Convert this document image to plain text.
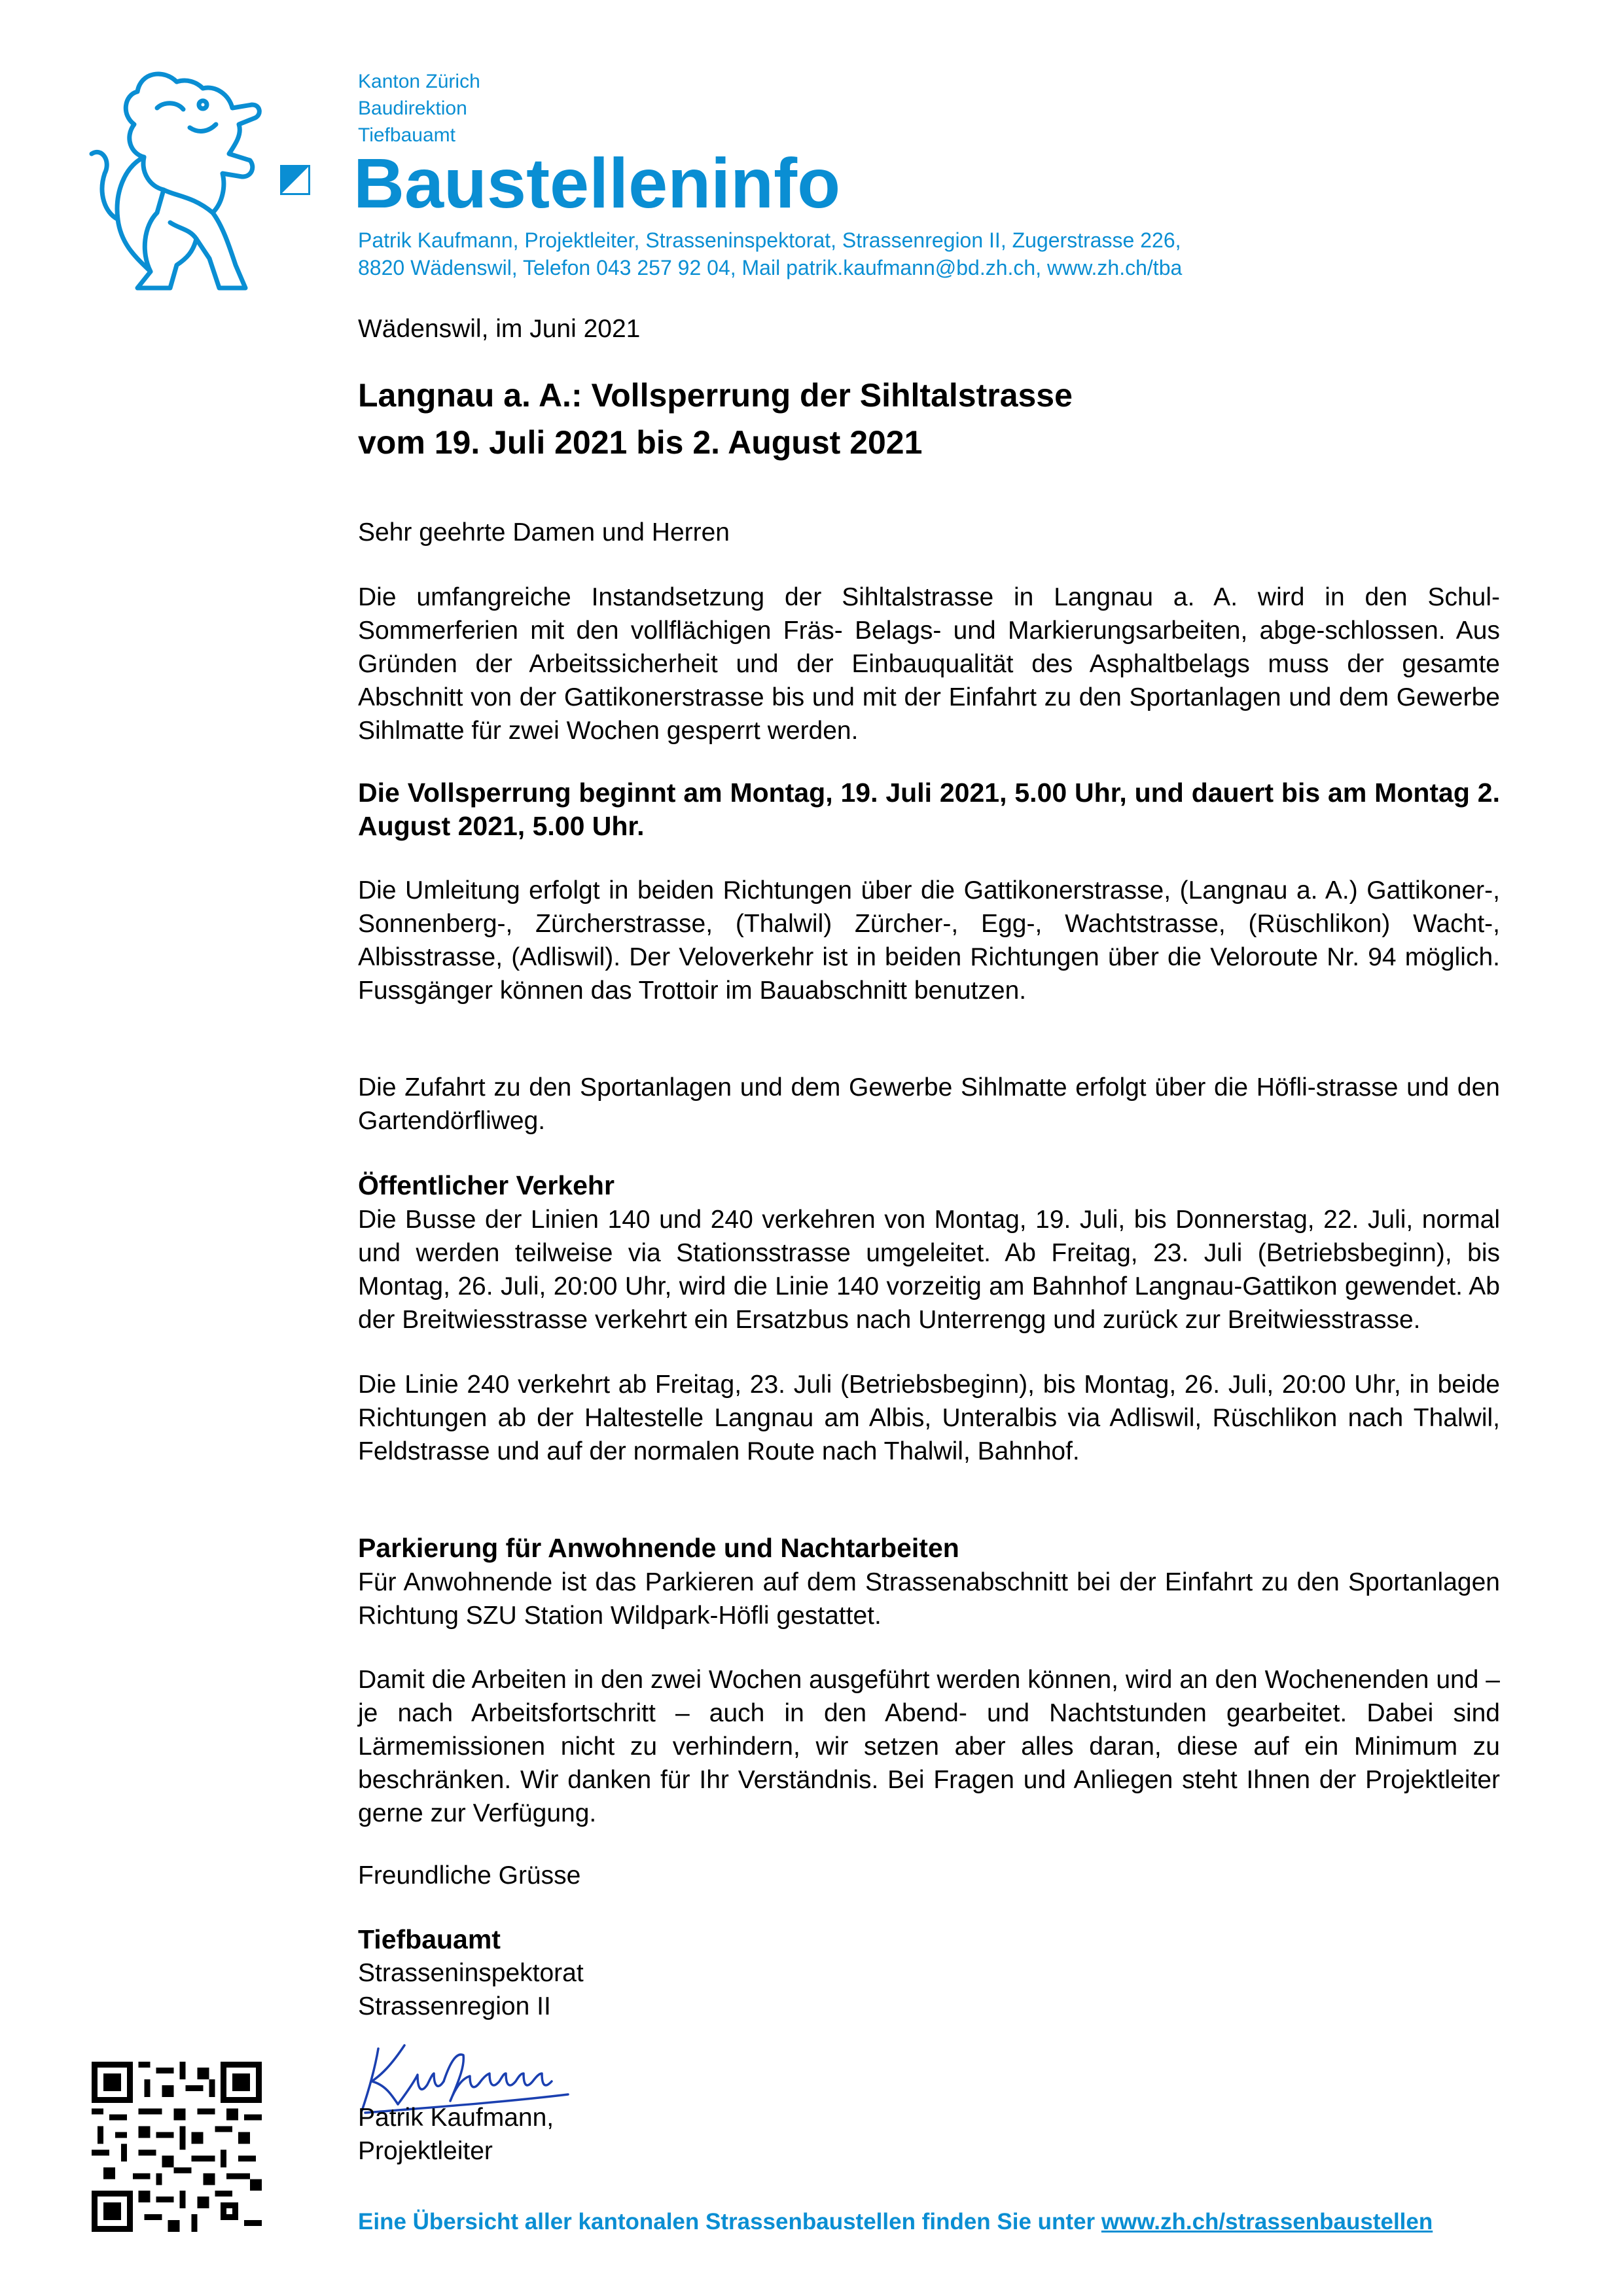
Kanton Zürich
Baudirektion
Tiefbauamt
Baustelleninfo
Patrik Kaufmann, Projektleiter, Strasseninspektorat, Strassenregion II, Zugerstrasse 226,
8820 Wädenswil, Telefon 043 257 92 04, Mail patrik.kaufmann@bd.zh.ch, www.zh.ch/tba
Wädenswil, im Juni 2021
Langnau a. A.: Vollsperrung der Sihltalstrasse
vom 19. Juli 2021 bis 2. August 2021
Sehr geehrte Damen und Herren
Die umfangreiche Instandsetzung der Sihltalstrasse in Langnau a. A. wird in den Schul-Sommerferien mit den vollflächigen Fräs- Belags- und Markierungsarbeiten, abge-schlossen. Aus Gründen der Arbeitssicherheit und der Einbauqualität des Asphaltbelags muss der gesamte Abschnitt von der Gattikonerstrasse bis und mit der Einfahrt zu den Sportanlagen und dem Gewerbe Sihlmatte für zwei Wochen gesperrt werden.
Die Vollsperrung beginnt am Montag, 19. Juli 2021, 5.00 Uhr, und dauert bis am Montag 2. August 2021, 5.00 Uhr.
Die Umleitung erfolgt in beiden Richtungen über die Gattikonerstrasse, (Langnau a. A.) Gattikoner-, Sonnenberg-, Zürcherstrasse, (Thalwil) Zürcher-, Egg-, Wachtstrasse, (Rüschlikon) Wacht-, Albisstrasse, (Adliswil). Der Veloverkehr ist in beiden Richtungen über die Veloroute Nr. 94 möglich. Fussgänger können das Trottoir im Bauabschnitt benutzen.
Die Zufahrt zu den Sportanlagen und dem Gewerbe Sihlmatte erfolgt über die Höfli-strasse und den Gartendörfliweg.
Öffentlicher Verkehr
Die Busse der Linien 140 und 240 verkehren von Montag, 19. Juli, bis Donnerstag, 22. Juli, normal und werden teilweise via Stationsstrasse umgeleitet. Ab Freitag, 23. Juli (Betriebsbeginn), bis Montag, 26. Juli, 20:00 Uhr, wird die Linie 140 vorzeitig am Bahnhof Langnau-Gattikon gewendet. Ab der Breitwiesstrasse verkehrt ein Ersatzbus nach Unterrengg und zurück zur Breitwiesstrasse.
Die Linie 240 verkehrt ab Freitag, 23. Juli (Betriebsbeginn), bis Montag, 26. Juli, 20:00 Uhr, in beide Richtungen ab der Haltestelle Langnau am Albis, Unteralbis via Adliswil, Rüschlikon nach Thalwil, Feldstrasse und auf der normalen Route nach Thalwil, Bahnhof.
Parkierung für Anwohnende und Nachtarbeiten
Für Anwohnende ist das Parkieren auf dem Strassenabschnitt bei der Einfahrt zu den Sportanlagen Richtung SZU Station Wildpark-Höfli gestattet.
Damit die Arbeiten in den zwei Wochen ausgeführt werden können, wird an den Wochenenden und – je nach Arbeitsfortschritt – auch in den Abend- und Nachtstunden gearbeitet. Dabei sind Lärmemissionen nicht zu verhindern, wir setzen aber alles daran, diese auf ein Minimum zu beschränken. Wir danken für Ihr Verständnis. Bei Fragen und Anliegen steht Ihnen der Projektleiter gerne zur Verfügung.
Freundliche Grüsse
Tiefbauamt
Strasseninspektorat
Strassenregion II
Patrik Kaufmann,
Projektleiter
Eine Übersicht aller kantonalen Strassenbaustellen finden Sie unter www.zh.ch/strassenbaustellen
